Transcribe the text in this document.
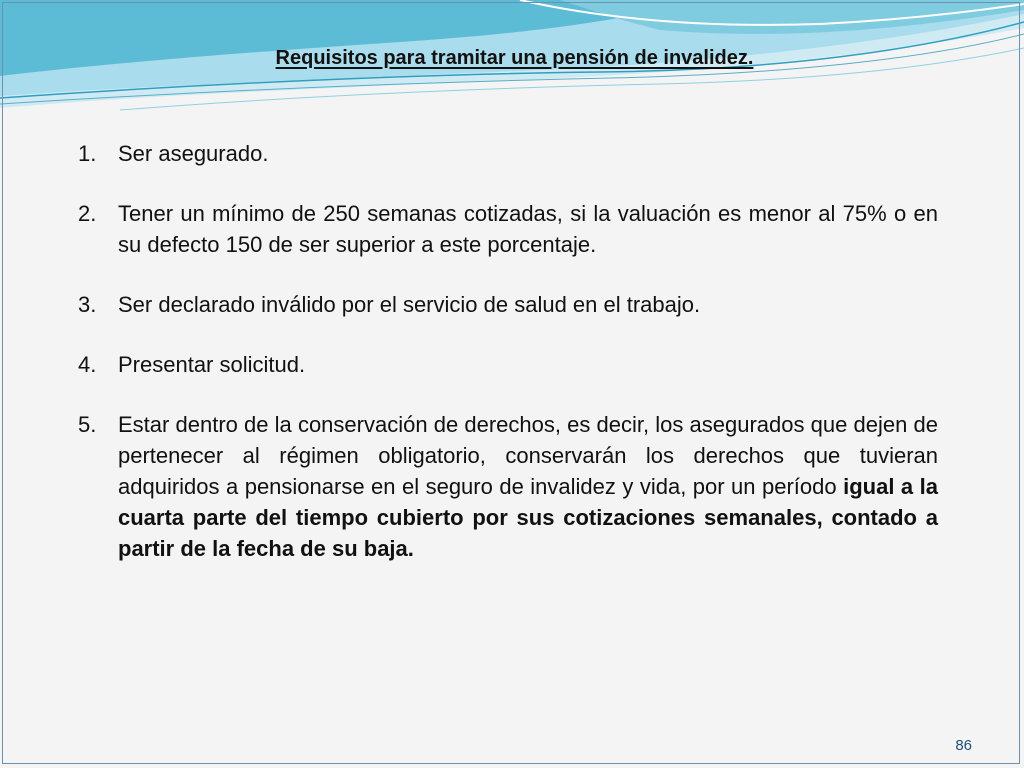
Requisitos para tramitar una pensión de invalidez.
1. Ser asegurado.
2. Tener un mínimo de 250 semanas cotizadas, si la valuación es menor al 75% o en su defecto 150 de ser superior a este porcentaje.
3. Ser declarado inválido por el servicio de salud en el trabajo.
4. Presentar solicitud.
5. Estar dentro de la conservación de derechos, es decir, los asegurados que dejen de pertenecer al régimen obligatorio, conservarán los derechos que tuvieran adquiridos a pensionarse en el seguro de invalidez y vida, por un período igual a la cuarta parte del tiempo cubierto por sus cotizaciones semanales, contado a partir de la fecha de su baja.
86
